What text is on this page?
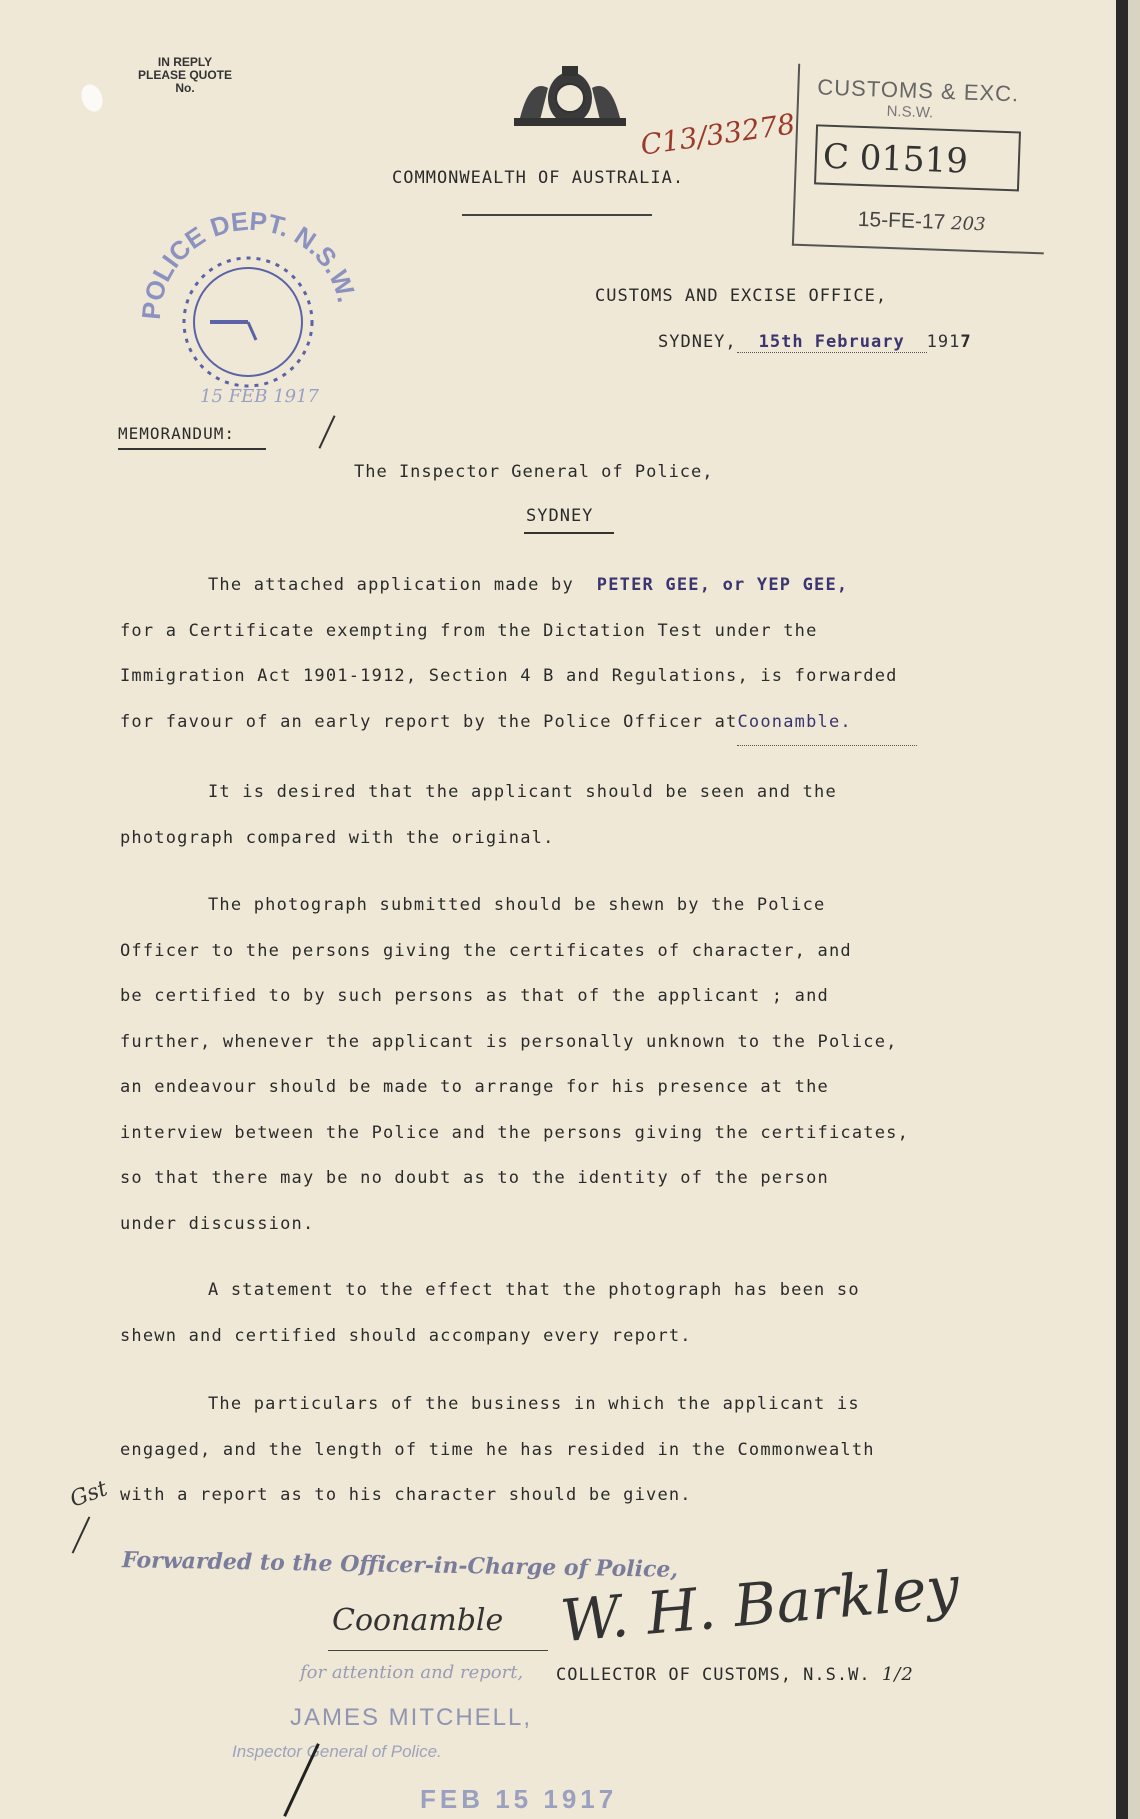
IN REPLY
PLEASE QUOTE
No.
C13/33278
COMMONWEALTH OF AUSTRALIA.
CUSTOMS & EXC.
N.S.W.
C 01519
15-FE-17 203
POLICE DEPT. N.S.W.
15 FEB 1917
CUSTOMS AND EXCISE OFFICE,
SYDNEY, 15th February 1917
MEMORANDUM:
The Inspector General of Police,
SYDNEY

The attached application made by PETER GEE, or YEP GEE,

for a Certificate exempting from the Dictation Test under the

Immigration Act 1901-1912, Section 4 B and Regulations, is forwarded

for favour of an early report by the Police Officer atCoonamble.

It is desired that the applicant should be seen and the

photograph compared with the original.

The photograph submitted should be shewn by the Police

Officer to the persons giving the certificates of character, and

be certified to by such persons as that of the applicant ; and

further, whenever the applicant is personally unknown to the Police,

an endeavour should be made to arrange for his presence at the

interview between the Police and the persons giving the certificates,

so that there may be no doubt as to the identity of the person

under discussion.

A statement to the effect that the photograph has been so

shewn and certified should accompany every report.

The particulars of the business in which the applicant is

engaged, and the length of time he has resided in the Commonwealth

with a report as to his character should be given.

Gst
Forwarded to the Officer-in-Charge of Police,
Coonamble W. H. Barkley
for attention and report, COLLECTOR OF CUSTOMS, N.S.W. 1/2
JAMES MITCHELL,
Inspector General of Police.
FEB 15 1917
